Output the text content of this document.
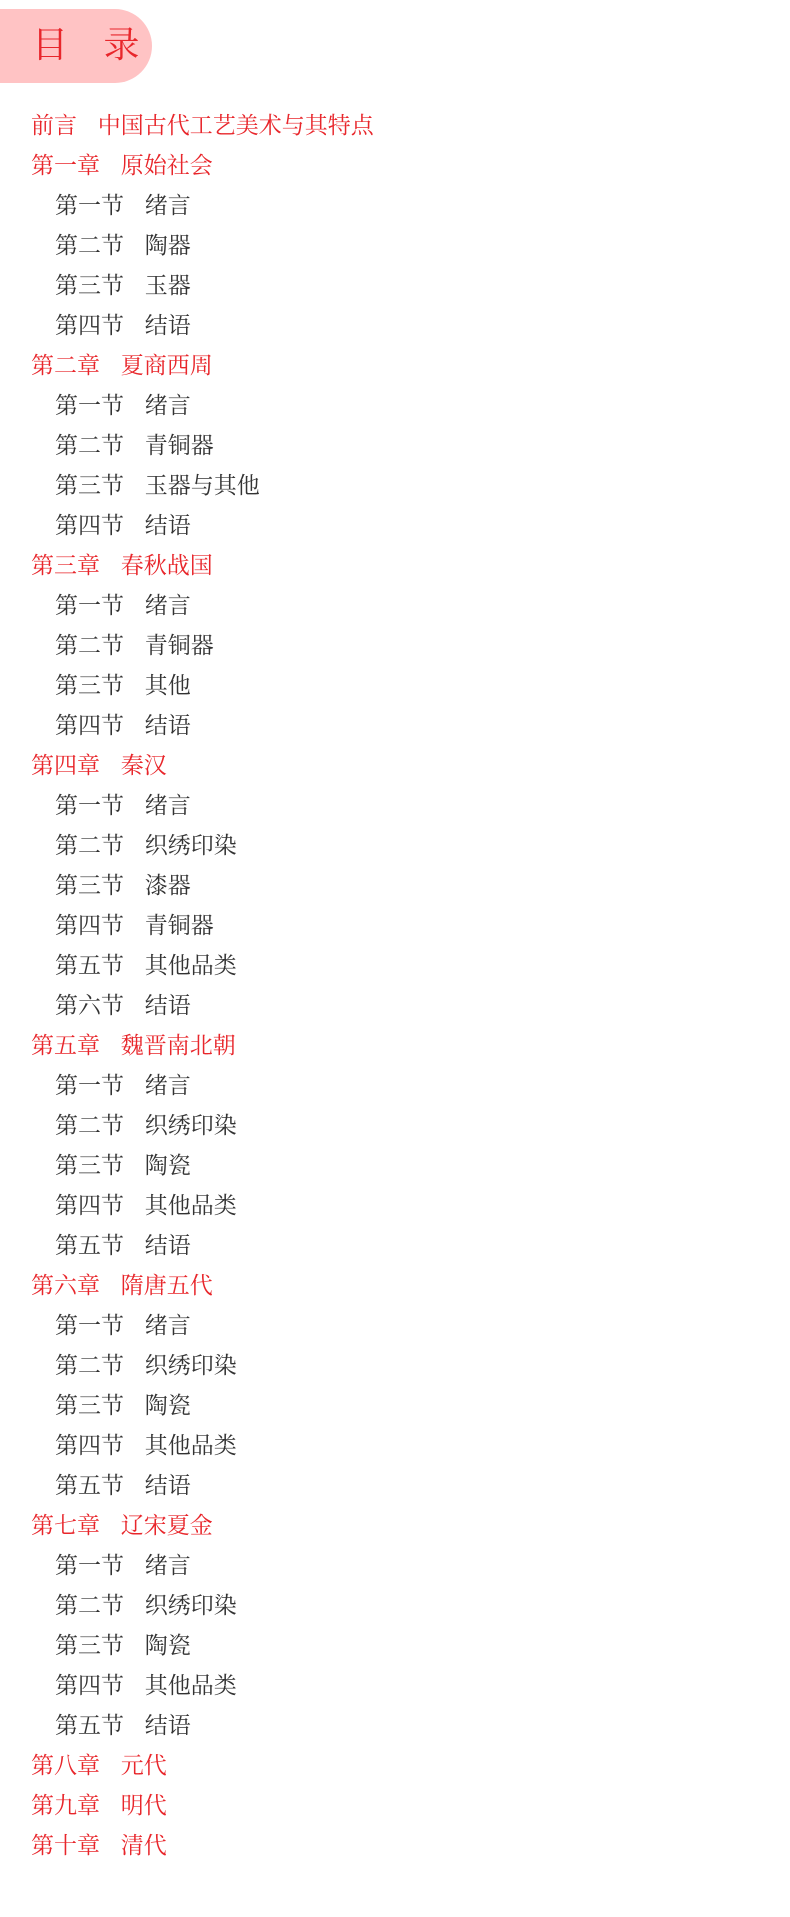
目 录
前言 中国古代工艺美术与其特点
第一章 原始社会
第一节 绪言
第二节 陶器
第三节 玉器
第四节 结语
第二章 夏商西周
第一节 绪言
第二节 青铜器
第三节 玉器与其他
第四节 结语
第三章 春秋战国
第一节 绪言
第二节 青铜器
第三节 其他
第四节 结语
第四章 秦汉
第一节 绪言
第二节 织绣印染
第三节 漆器
第四节 青铜器
第五节 其他品类
第六节 结语
第五章 魏晋南北朝
第一节 绪言
第二节 织绣印染
第三节 陶瓷
第四节 其他品类
第五节 结语
第六章 隋唐五代
第一节 绪言
第二节 织绣印染
第三节 陶瓷
第四节 其他品类
第五节 结语
第七章 辽宋夏金
第一节 绪言
第二节 织绣印染
第三节 陶瓷
第四节 其他品类
第五节 结语
第八章 元代
第九章 明代
第十章 清代
